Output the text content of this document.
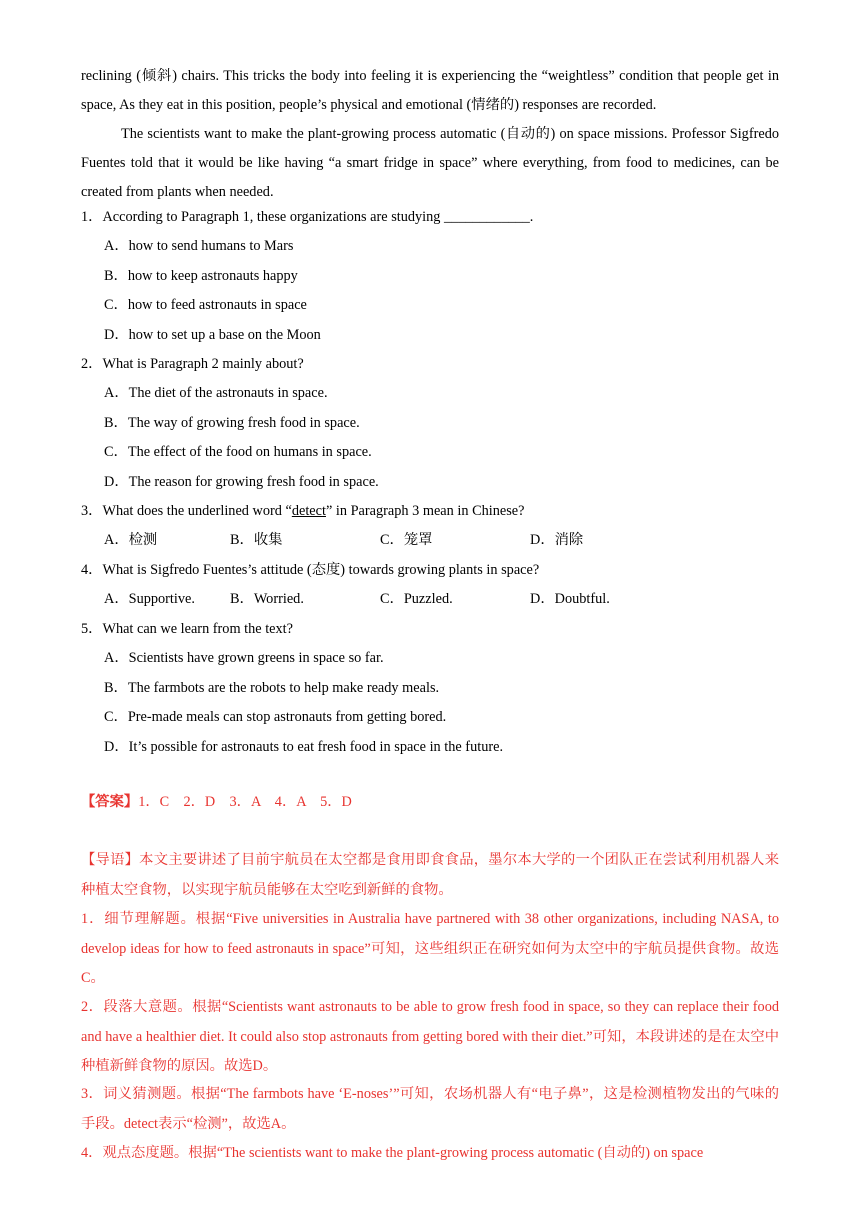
reclining (倾斜) chairs. This tricks the body into feeling it is experiencing the “weightless” condition that people get in space, As they eat in this position, people’s physical and emotional (情绪的) responses are recorded.

The scientists want to make the plant-growing process automatic (自动的) on space missions. Professor Sigfredo Fuentes told that it would be like having “a smart fridge in space” where everything, from food to medicines, can be created from plants when needed.

1．According to Paragraph 1, these organizations are studying ____________.
A．how to send humans to Mars
B．how to keep astronauts happy
C．how to feed astronauts in space
D．how to set up a base on the Moon
2．What is Paragraph 2 mainly about?
A．The diet of the astronauts in space.
B．The way of growing fresh food in space.
C．The effect of the food on humans in space.
D．The reason for growing fresh food in space.
3．What does the underlined word “detect” in Paragraph 3 mean in Chinese?
A．检测	B．收集	C．笼罩	D．消除
4．What is Sigfredo Fuentes’s attitude (态度) towards growing plants in space?
A．Supportive. B．Worried.	C．Puzzled.	D．Doubtful.
5．What can we learn from the text?
A．Scientists have grown greens in space so far.
B．The farmbots are the robots to help make ready meals.
C．Pre-made meals can stop astronauts from getting bored.
D．It’s possible for astronauts to eat fresh food in space in the future.
【答案】1．C　2．D　3．A　4．A　5．D

【导语】本文主要讲述了目前宇航员在太空都是食用即食食品，墨尔本大学的一个团队正在尝试利用机器人来种植太空食物，以实现宇航员能够在太空吃到新鲜的食物。

1．细节理解题。根据“Five universities in Australia have partnered with 38 other organizations, including NASA, to develop ideas for how to feed astronauts in space”可知，这些组织正在研究如何为太空中的宇航员提供食物。故选C。

2．段落大意题。根据“Scientists want astronauts to be able to grow fresh food in space, so they can replace their food and have a healthier diet. It could also stop astronauts from getting bored with their diet.”可知，本段讲述的是在太空中种植新鲜食物的原因。故选D。

3．词义猜测题。根据“The farmbots have ‘E-noses’”可知，农场机器人有“电子鼻”，这是检测植物发出的气味的手段。detect表示“检测”，故选A。

4．观点态度题。根据“The scientists want to make the plant-growing process automatic (自动的) on space
